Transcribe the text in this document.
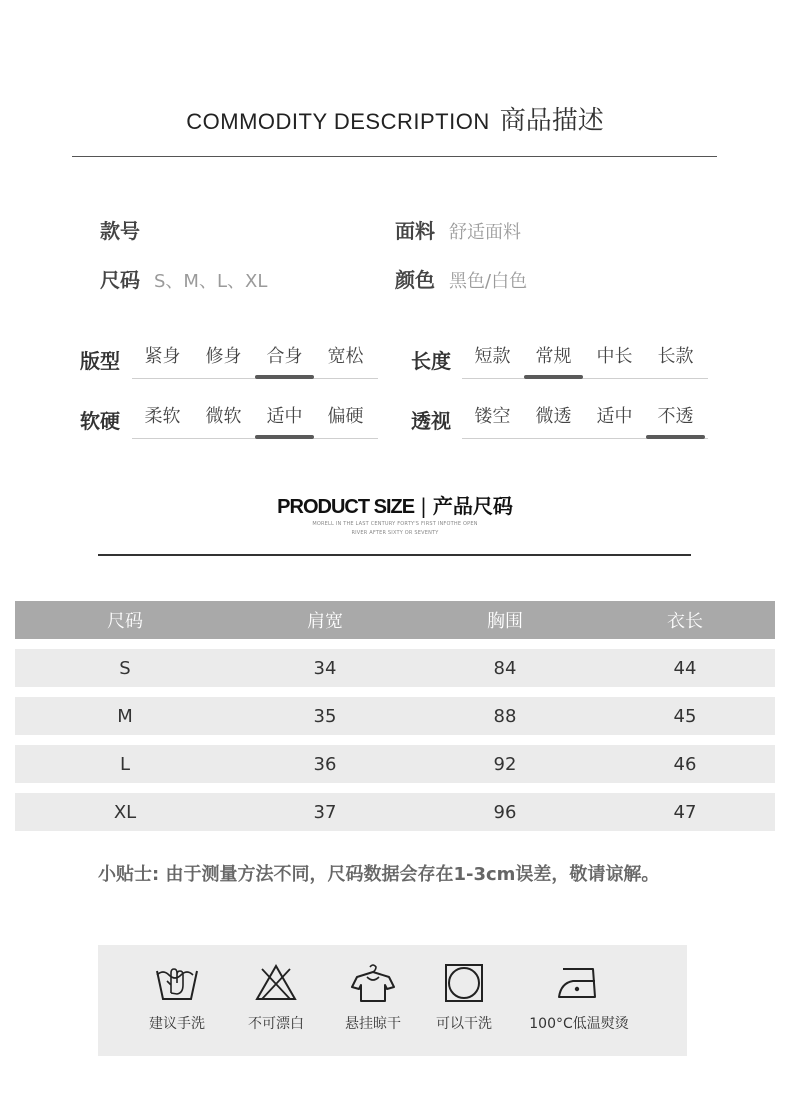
COMMODITY DESCRIPTION 商品描述
款号	面料 舒适面料
尺码 S、M、L、XL	颜色 黑色/白色
版型	紧身	修身	合身	宽松	长度	短款	常规	中长	长款
软硬	柔软	微软	适中	偏硬	透视	镂空	微透	适中	不透
PRODUCT SIZE | 产品尺码
MORELL IN THE LAST CENTURY FORTY'S FIRST INFOTHE OPEN
RIVER AFTER SIXTY OR SEVENTY
尺码	肩宽	胸围	衣长
S	34	84	44
M	35	88	45
L	36	92	46
XL	37	96	47
小贴士: 由于测量方法不同，尺码数据会存在1-3cm误差，敬请谅解。
建议手洗	不可漂白	悬挂晾干	可以干洗	100°C低温熨烫
